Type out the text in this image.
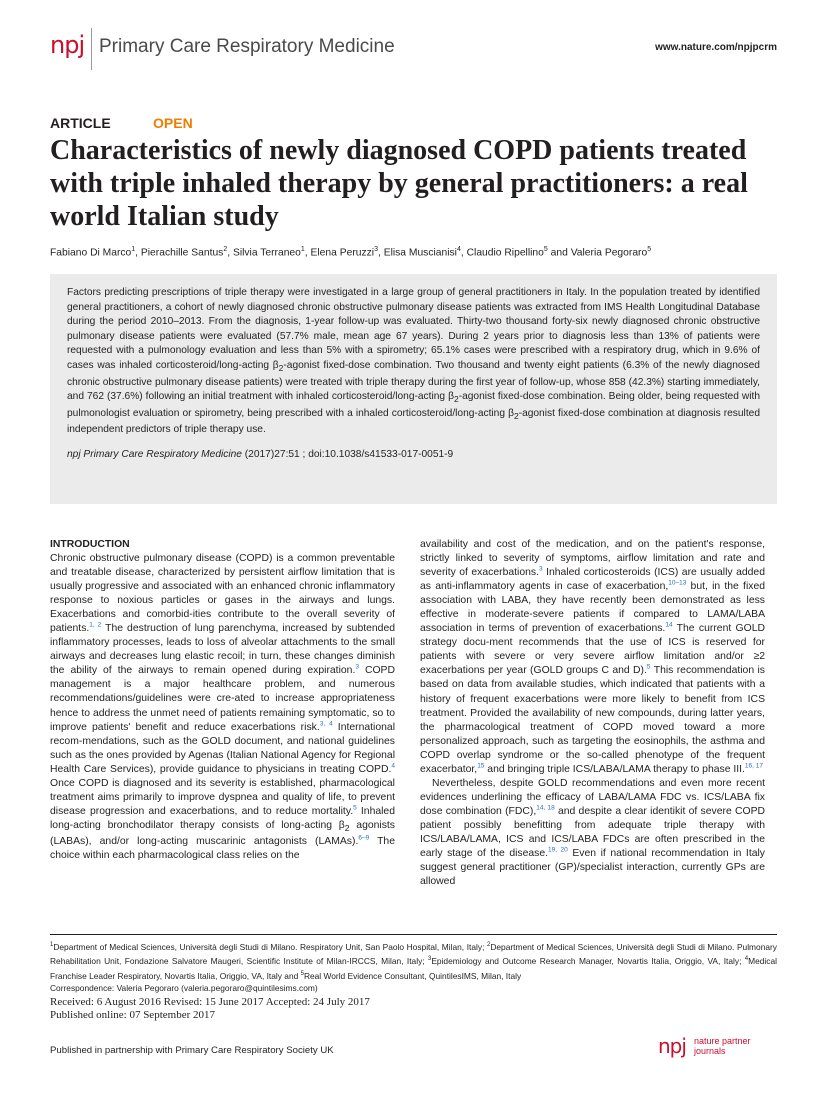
npj Primary Care Respiratory Medicine	www.nature.com/npjpcrm
ARTICLE	OPEN
Characteristics of newly diagnosed COPD patients treated with triple inhaled therapy by general practitioners: a real world Italian study
Fabiano Di Marco$^1$, Pierachille Santus$^2$, Silvia Terraneo$^1$, Elena Peruzzi$^3$, Elisa Muscianisi$^4$, Claudio Ripellino$^5$ and Valeria Pegoraro$^5$

Factors predicting prescriptions of triple therapy were investigated in a large group of general practitioners in Italy. In the population treated by identified general practitioners, a cohort of newly diagnosed chronic obstructive pulmonary disease patients was extracted from IMS Health Longitudinal Database during the period 2010–2013. From the diagnosis, 1-year follow-up was evaluated. Thirty-two thousand forty-six newly diagnosed chronic obstructive pulmonary disease patients were evaluated (57.7% male, mean age 67 years). During 2 years prior to diagnosis less than 13% of patients were requested with a pulmonology evaluation and less than 5% with a spirometry; 65.1% cases were prescribed with a respiratory drug, which in 9.6% of cases was inhaled corticosteroid/long-acting $\beta_2$-agonist fixed-dose combination. Two thousand and twenty eight patients (6.3% of the newly diagnosed chronic obstructive pulmonary disease patients) were treated with triple therapy during the first year of follow-up, whose 858 (42.3%) starting immediately, and 762 (37.6%) following an initial treatment with inhaled corticosteroid/long-acting $\beta_2$-agonist fixed-dose combination. Being older, being requested with pulmonologist evaluation or spirometry, being prescribed with a inhaled corticosteroid/long-acting $\beta_2$-agonist fixed-dose combination at diagnosis resulted independent predictors of triple therapy use.

npj Primary Care Respiratory Medicine (2017)27:51 ; doi:10.1038/s41533-017-0051-9

INTRODUCTION

Chronic obstructive pulmonary disease (COPD) is a common preventable and treatable disease, characterized by persistent airflow limitation that is usually progressive and associated with an enhanced chronic inflammatory response to noxious particles or gases in the airways and lungs. Exacerbations and comorbid-ities contribute to the overall severity of patients.$^{1, 2}$ The destruction of lung parenchyma, increased by subtended inflammatory processes, leads to loss of alveolar attachments to the small airways and decreases lung elastic recoil; in turn, these changes diminish the ability of the airways to remain opened during expiration.$^3$ COPD management is a major healthcare problem, and numerous recommendations/guidelines were cre-ated to increase appropriateness hence to address the unmet need of patients remaining symptomatic, so to improve patients' benefit and reduce exacerbations risk.$^{3, 4}$ International recom-mendations, such as the GOLD document, and national guidelines such as the ones provided by Agenas (Italian National Agency for Regional Health Care Services), provide guidance to physicians in treating COPD.$^4$ Once COPD is diagnosed and its severity is established, pharmacological treatment aims primarily to improve dyspnea and quality of life, to prevent disease progression and exacerbations, and to reduce mortality.$^5$ Inhaled long-acting bronchodilator therapy consists of long-acting $\beta_2$ agonists (LABAs), and/or long-acting muscarinic antagonists (LAMAs).$^{6-9}$ The choice within each pharmacological class relies on the

availability and cost of the medication, and on the patient's response, strictly linked to severity of symptoms, airflow limitation and rate and severity of exacerbations.$^3$ Inhaled corticosteroids (ICS) are usually added as anti-inflammatory agents in case of exacerbation,$^{10-13}$ but, in the fixed association with LABA, they have recently been demonstrated as less effective in moderate-severe patients if compared to LAMA/LABA association in terms of prevention of exacerbations.$^{14}$ The current GOLD strategy docu-ment recommends that the use of ICS is reserved for patients with severe or very severe airflow limitation and/or ≥2 exacerbations per year (GOLD groups C and D).$^5$ This recommendation is based on data from available studies, which indicated that patients with a history of frequent exacerbations were more likely to benefit from ICS treatment. Provided the availability of new compounds, during latter years, the pharmacological treatment of COPD moved toward a more personalized approach, such as targeting the eosinophils, the asthma and COPD overlap syndrome or the so-called phenotype of the frequent exacerbator,$^{15}$ and bringing triple ICS/LABA/LAMA therapy to phase III.$^{16, 17}$

Nevertheless, despite GOLD recommendations and even more recent evidences underlining the efficacy of LABA/LAMA FDC vs. ICS/LABA fix dose combination (FDC),$^{14, 18}$ and despite a clear identikit of severe COPD patient possibly benefitting from adequate triple therapy with ICS/LABA/LAMA, ICS and ICS/LABA FDCs are often prescribed in the early stage of the disease.$^{19, 20}$ Even if national recommendation in Italy suggest general practitioner (GP)/specialist interaction, currently GPs are allowed

$^1$Department of Medical Sciences, Università degli Studi di Milano. Respiratory Unit, San Paolo Hospital, Milan, Italy; $^2$Department of Medical Sciences, Università degli Studi di Milano. Pulmonary Rehabilitation Unit, Fondazione Salvatore Maugeri, Scientific Institute of Milan-IRCCS, Milan, Italy; $^3$Epidemiology and Outcome Research Manager, Novartis Italia, Origgio, VA, Italy; $^4$Medical Franchise Leader Respiratory, Novartis Italia, Origgio, VA, Italy and $^5$Real World Evidence Consultant, QuintilesIMS, Milan, Italy
Correspondence: Valeria Pegoraro (valeria.pegoraro@quintilesims.com)
Received: 6 August 2016 Revised: 15 June 2017 Accepted: 24 July 2017
Published online: 07 September 2017
Published in partnership with Primary Care Respiratory Society UK	npj nature partner
journals
